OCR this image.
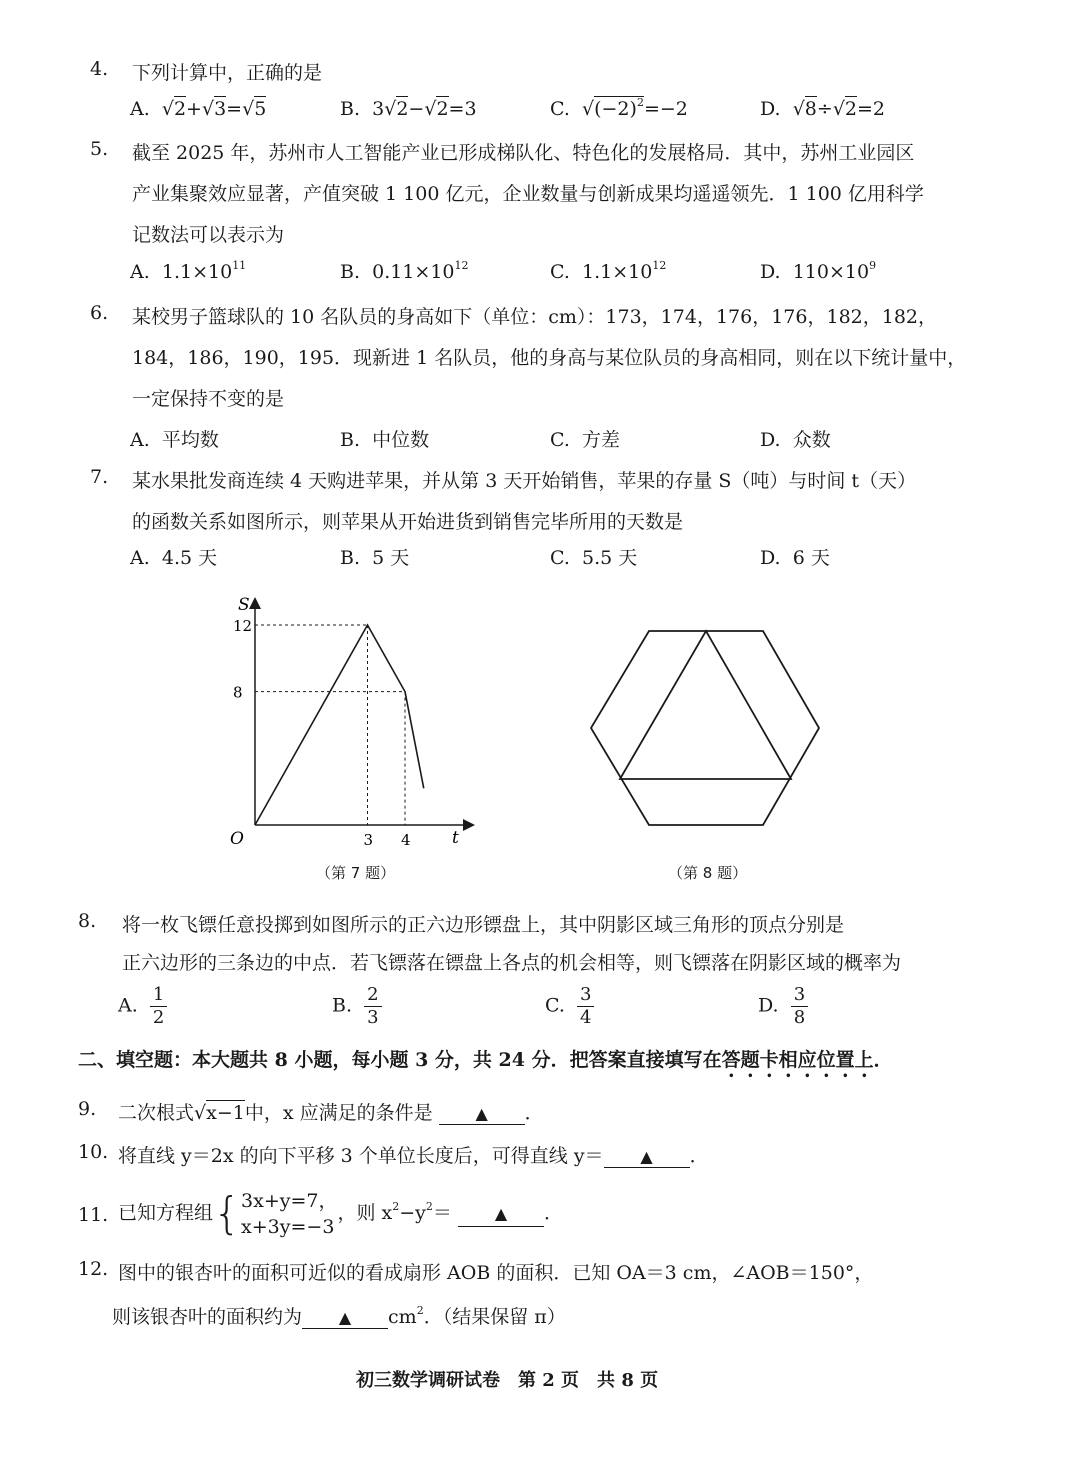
4. 下列计算中，正确的是
A.  √2+√3=√5	B. 3√2−√2=3	C.  $√(-2)^2=-2$	D.  √8÷√2=2
5. 截至 2025 年，苏州市人工智能产业已形成梯队化、特色化的发展格局．其中，苏州工业园区
产业集聚效应显著，产值突破 1 100 亿元，企业数量与创新成果均遥遥领先．1 100 亿用科学
记数法可以表示为
A. $1.1\times 10^{11}$	B. $0.11\times 10^{12}$	C. $1.1\times 10^{12}$	D. $110\times 10^9$
6. 某校男子篮球队的 10 名队员的身高如下（单位：cm）：173，174，176，176，182，182，
184，186，190，195．现新进 1 名队员，他的身高与某位队员的身高相同，则在以下统计量中，
一定保持不变的是
A. 平均数	B. 中位数	C. 方差	D. 众数
7. 某水果批发商连续 4 天购进苹果，并从第 3 天开始销售，苹果的存量 S（吨）与时间 t（天）
的函数关系如图所示，则苹果从开始进货到销售完毕所用的天数是
A. 4.5 天	B. 5 天	C. 5.5 天	D. 6 天
S
t
O
8
12
3 4
（第 7 题）	（第 8 题）
8. 将一枚飞镖任意投掷到如图所示的正六边形镖盘上，其中阴影区域三角形的顶点分别是
正六边形的三条边的中点．若飞镖落在镖盘上各点的机会相等，则飞镖落在阴影区域的概率为
A. $\frac{1}{2}$	B. $\frac{2}{3}$	C. $\frac{3}{4}$	D. $\frac{3}{8}$
二、填空题：本大题共 8 小题，每小题 3 分，共 24 分．把答案直接填写在答题卡相应位置上．
9. 二次根式√x−1中，x 应满足的条件是	▲ ．
10. 将直线 y＝2x 的向下平移 3 个单位长度后，可得直线 y＝ ▲ ．
11. 已知方程组{ 3x+y=7，
x+3y=−3
，则 $x^2-y^2=$	▲ ．
12. 图中的银杏叶的面积可近似的看成扇形 AOB 的面积．已知 OA＝3 cm，∠AOB＝150°，
则该银杏叶的面积约为 ▲ $cm^2$．（结果保留 π）
初三数学调研试卷　第 2 页　共 8 页
